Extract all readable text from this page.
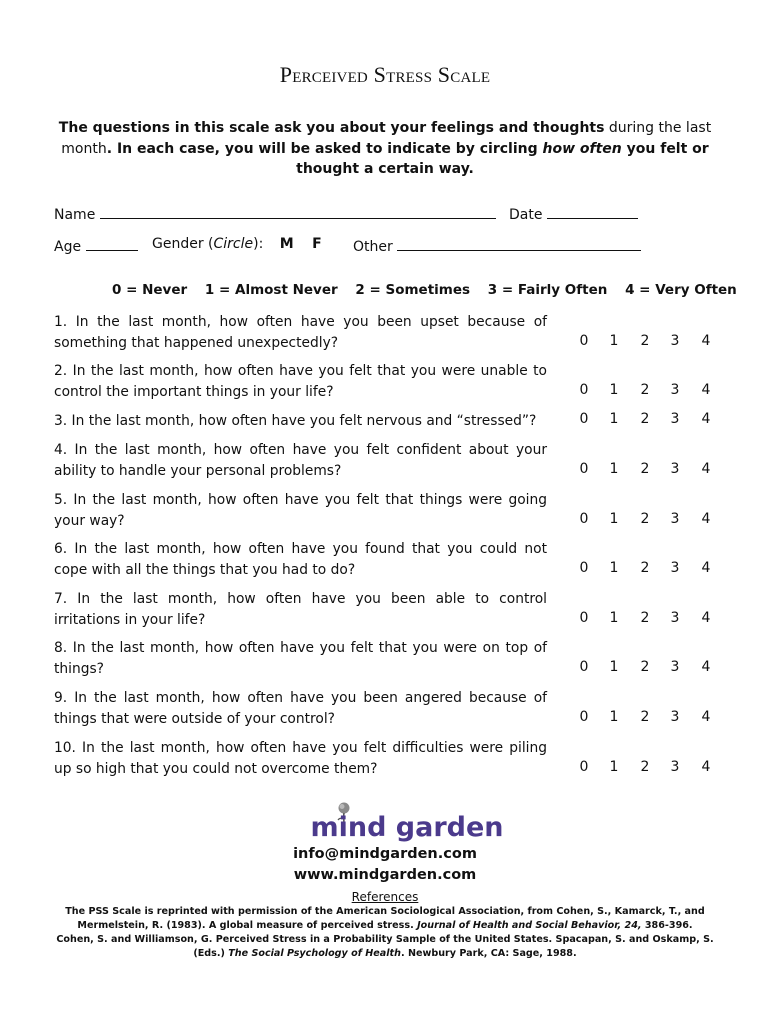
Perceived Stress Scale
The questions in this scale ask you about your feelings and thoughts during the last month. In each case, you will be asked to indicate by circling how often you felt or thought a certain way.
Name	Date
Age	Gender (Circle): M F Other
0 = Never 1 = Almost Never 2 = Sometimes 3 = Fairly Often 4 = Very Often
1. In the last month, how often have you been upset because of something that happened unexpectedly?	0 1 2 3 4
2. In the last month, how often have you felt that you were unable to control the important things in your life?	0 1 2 3 4
3. In the last month, how often have you felt nervous and “stressed”?	0 1 2 3 4
4. In the last month, how often have you felt confident about your ability to handle your personal problems?	0 1 2 3 4
5. In the last month, how often have you felt that things were going your way?	0 1 2 3 4
6. In the last month, how often have you found that you could not cope with all the things that you had to do?	0 1 2 3 4
7. In the last month, how often have you been able to control irritations in your life?	0 1 2 3 4
8. In the last month, how often have you felt that you were on top of things?	0 1 2 3 4
9. In the last month, how often have you been angered because of things that were outside of your control?	0 1 2 3 4
10. In the last month, how often have you felt difficulties were piling up so high that you could not overcome them?	0 1 2 3 4
mind garden
info@mindgarden.com
www.mindgarden.com
References
The PSS Scale is reprinted with permission of the American Sociological Association, from Cohen, S., Kamarck, T., and Mermelstein, R. (1983). A global measure of perceived stress. Journal of Health and Social Behavior, 24, 386-396.
Cohen, S. and Williamson, G. Perceived Stress in a Probability Sample of the United States. Spacapan, S. and Oskamp, S. (Eds.) The Social Psychology of Health. Newbury Park, CA: Sage, 1988.
